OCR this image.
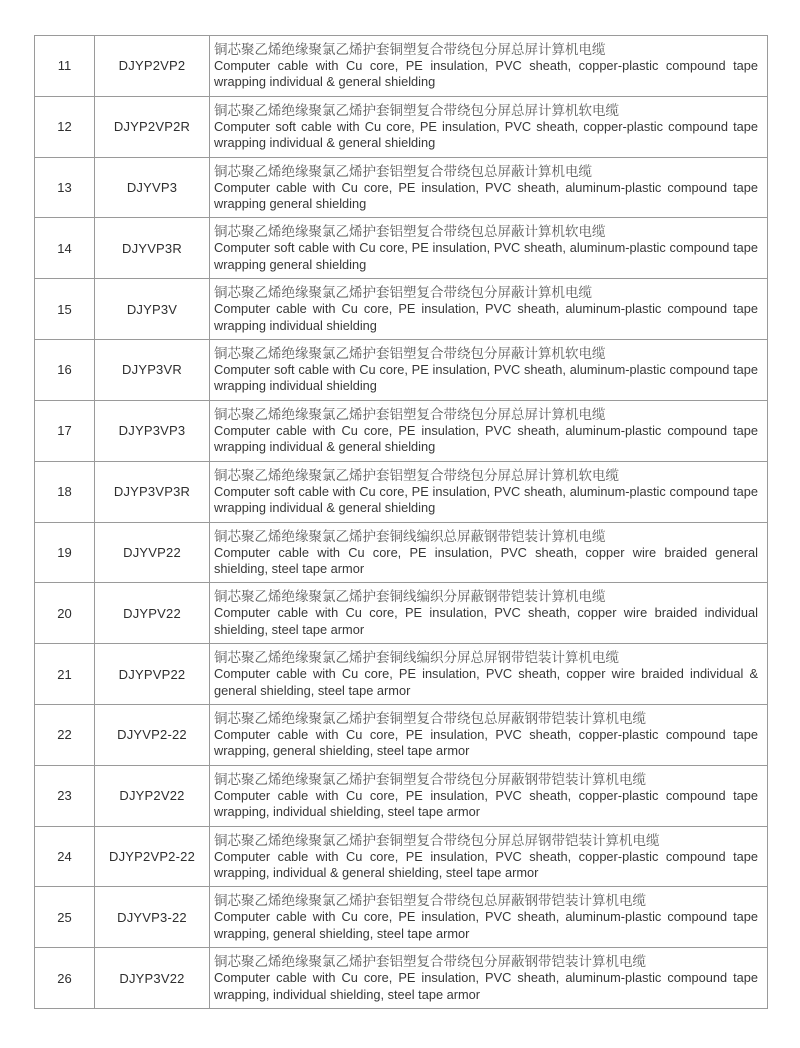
11	DJYP2VP2	铜芯聚乙烯绝缘聚氯乙烯护套铜塑复合带绕包分屏总屏计算机电缆
Computer cable with Cu core, PE insulation, PVC sheath, copper-plastic compound tape wrapping individual & general shielding

12	DJYP2VP2R	铜芯聚乙烯绝缘聚氯乙烯护套铜塑复合带绕包分屏总屏计算机软电缆
Computer soft cable with Cu core, PE insulation, PVC sheath, copper-plastic compound tape wrapping individual & general shielding

13	DJYVP3	铜芯聚乙烯绝缘聚氯乙烯护套铝塑复合带绕包总屏蔽计算机电缆
Computer cable with Cu core, PE insulation, PVC sheath, aluminum-plastic compound tape wrapping general shielding

14	DJYVP3R	铜芯聚乙烯绝缘聚氯乙烯护套铝塑复合带绕包总屏蔽计算机软电缆
Computer soft cable with Cu core, PE insulation, PVC sheath, aluminum-plastic compound tape wrapping general shielding

15	DJYP3V	铜芯聚乙烯绝缘聚氯乙烯护套铝塑复合带绕包分屏蔽计算机电缆
Computer cable with Cu core, PE insulation, PVC sheath, aluminum-plastic compound tape wrapping individual shielding

16	DJYP3VR	铜芯聚乙烯绝缘聚氯乙烯护套铝塑复合带绕包分屏蔽计算机软电缆
Computer soft cable with Cu core, PE insulation, PVC sheath, aluminum-plastic compound tape wrapping individual shielding

17	DJYP3VP3	铜芯聚乙烯绝缘聚氯乙烯护套铝塑复合带绕包分屏总屏计算机电缆
Computer cable with Cu core, PE insulation, PVC sheath, aluminum-plastic compound tape wrapping individual & general shielding

18	DJYP3VP3R	铜芯聚乙烯绝缘聚氯乙烯护套铝塑复合带绕包分屏总屏计算机软电缆
Computer soft cable with Cu core, PE insulation, PVC sheath, aluminum-plastic compound tape wrapping individual & general shielding

19	DJYVP22	铜芯聚乙烯绝缘聚氯乙烯护套铜线编织总屏蔽钢带铠装计算机电缆
Computer cable with Cu core, PE insulation, PVC sheath, copper wire braided general shielding, steel tape armor

20	DJYPV22	铜芯聚乙烯绝缘聚氯乙烯护套铜线编织分屏蔽钢带铠装计算机电缆
Computer cable with Cu core, PE insulation, PVC sheath, copper wire braided individual shielding, steel tape armor

21	DJYPVP22	铜芯聚乙烯绝缘聚氯乙烯护套铜线编织分屏总屏钢带铠装计算机电缆
Computer cable with Cu core, PE insulation, PVC sheath, copper wire braided individual & general shielding, steel tape armor

22	DJYVP2-22	铜芯聚乙烯绝缘聚氯乙烯护套铜塑复合带绕包总屏蔽钢带铠装计算机电缆
Computer cable with Cu core, PE insulation, PVC sheath, copper-plastic compound tape wrapping, general shielding, steel tape armor

23	DJYP2V22	铜芯聚乙烯绝缘聚氯乙烯护套铜塑复合带绕包分屏蔽钢带铠装计算机电缆
Computer cable with Cu core, PE insulation, PVC sheath, copper-plastic compound tape wrapping, individual shielding, steel tape armor

24	DJYP2VP2-22	铜芯聚乙烯绝缘聚氯乙烯护套铜塑复合带绕包分屏总屏钢带铠装计算机电缆
Computer cable with Cu core, PE insulation, PVC sheath, copper-plastic compound tape wrapping, individual & general shielding, steel tape armor

25	DJYVP3-22	铜芯聚乙烯绝缘聚氯乙烯护套铝塑复合带绕包总屏蔽钢带铠装计算机电缆
Computer cable with Cu core, PE insulation, PVC sheath, aluminum-plastic compound tape wrapping, general shielding, steel tape armor

26	DJYP3V22	铜芯聚乙烯绝缘聚氯乙烯护套铝塑复合带绕包分屏蔽钢带铠装计算机电缆
Computer cable with Cu core, PE insulation, PVC sheath, aluminum-plastic compound tape wrapping, individual shielding, steel tape armor
